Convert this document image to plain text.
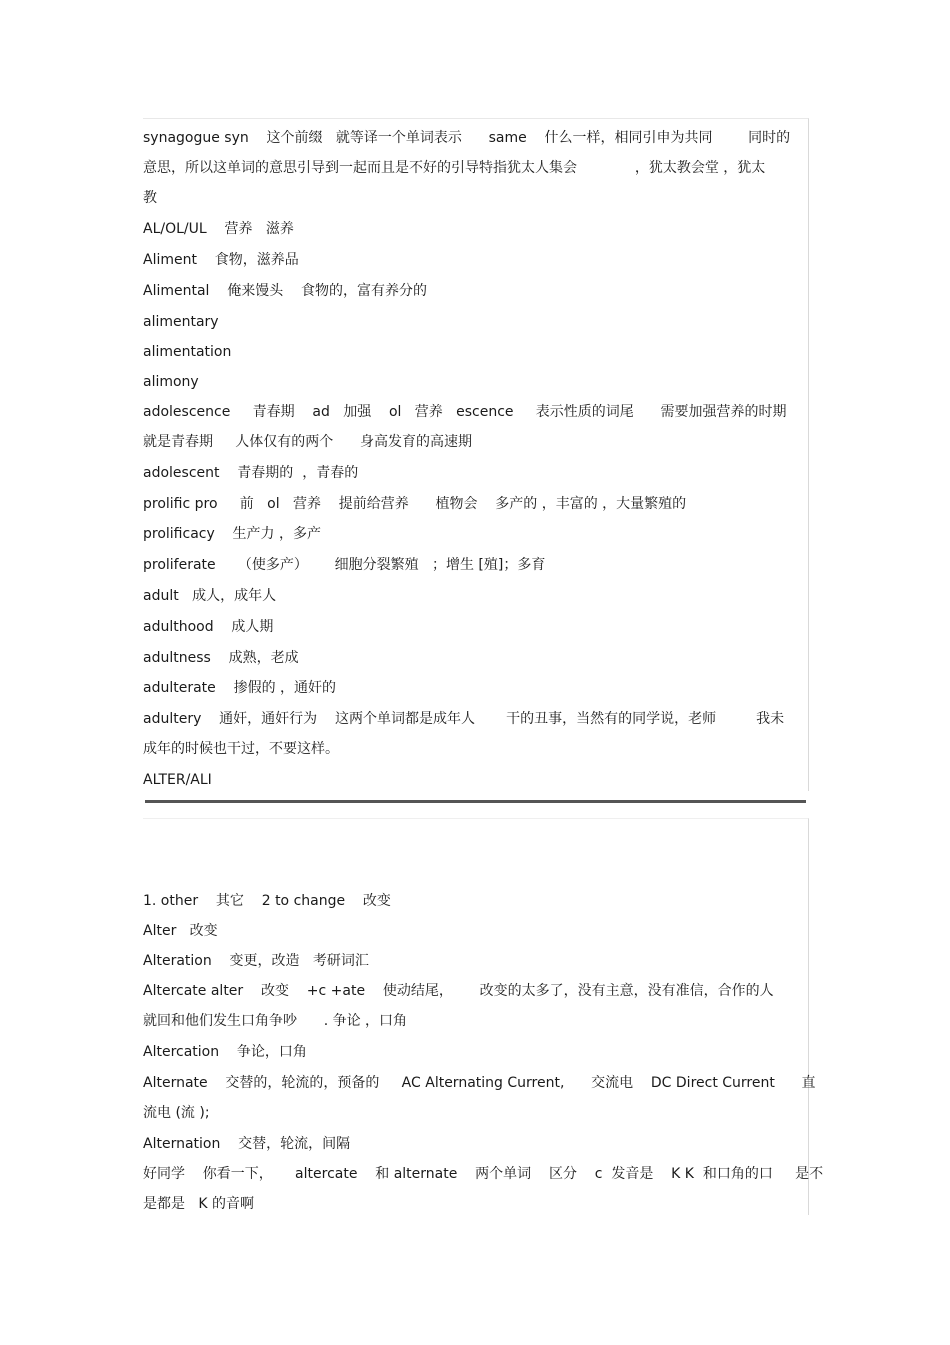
synagogue syn    这个前缀   就等译一个单词表示      same    什么一样，相同引申为共同        同时的
意思，所以这单词的意思引导到一起而且是不好的引导特指犹太人集会             ，犹太教会堂 ，犹太
教
AL/OL/UL    营养   滋养
Aliment    食物，滋养品
Alimental    俺来馒头    食物的，富有养分的
alimentary
alimentation
alimony
adolescence     青春期    ad   加强    ol   营养   escence     表示性质的词尾      需要加强营养的时期
就是青春期     人体仅有的两个      身高发育的高速期
adolescent    青春期的  ，青春的
prolific pro     前   ol   营养    提前给营养      植物会    多产的 ，丰富的 ，大量繁殖的
prolificacy    生产力 ，多产
proliferate     （使多产）      细胞分裂繁殖   ；增生 [殖]；多育
adult   成人，成年人
adulthood    成人期
adultness    成熟，老成
adulterate    掺假的 ，通奸的
adultery    通奸，通奸行为    这两个单词都是成年人       干的丑事，当然有的同学说，老师         我未
成年的时候也干过，不要这样。
ALTER/ALI
1. other    其它    2 to change    改变
Alter   改变
Alteration    变更，改造   考研词汇
Altercate alter    改变    +c +ate    使动结尾，      改变的太多了，没有主意，没有准信，合作的人
就回和他们发生口角争吵      . 争论 ，口角
Altercation    争论，口角
Alternate    交替的，轮流的，预备的     AC Alternating Current,      交流电    DC Direct Current      直
流电 (流 );
Alternation    交替，轮流，间隔
好同学    你看一下，     altercate    和 alternate    两个单词    区分    c  发音是    K K  和口角的口     是不
是都是   K 的音啊
